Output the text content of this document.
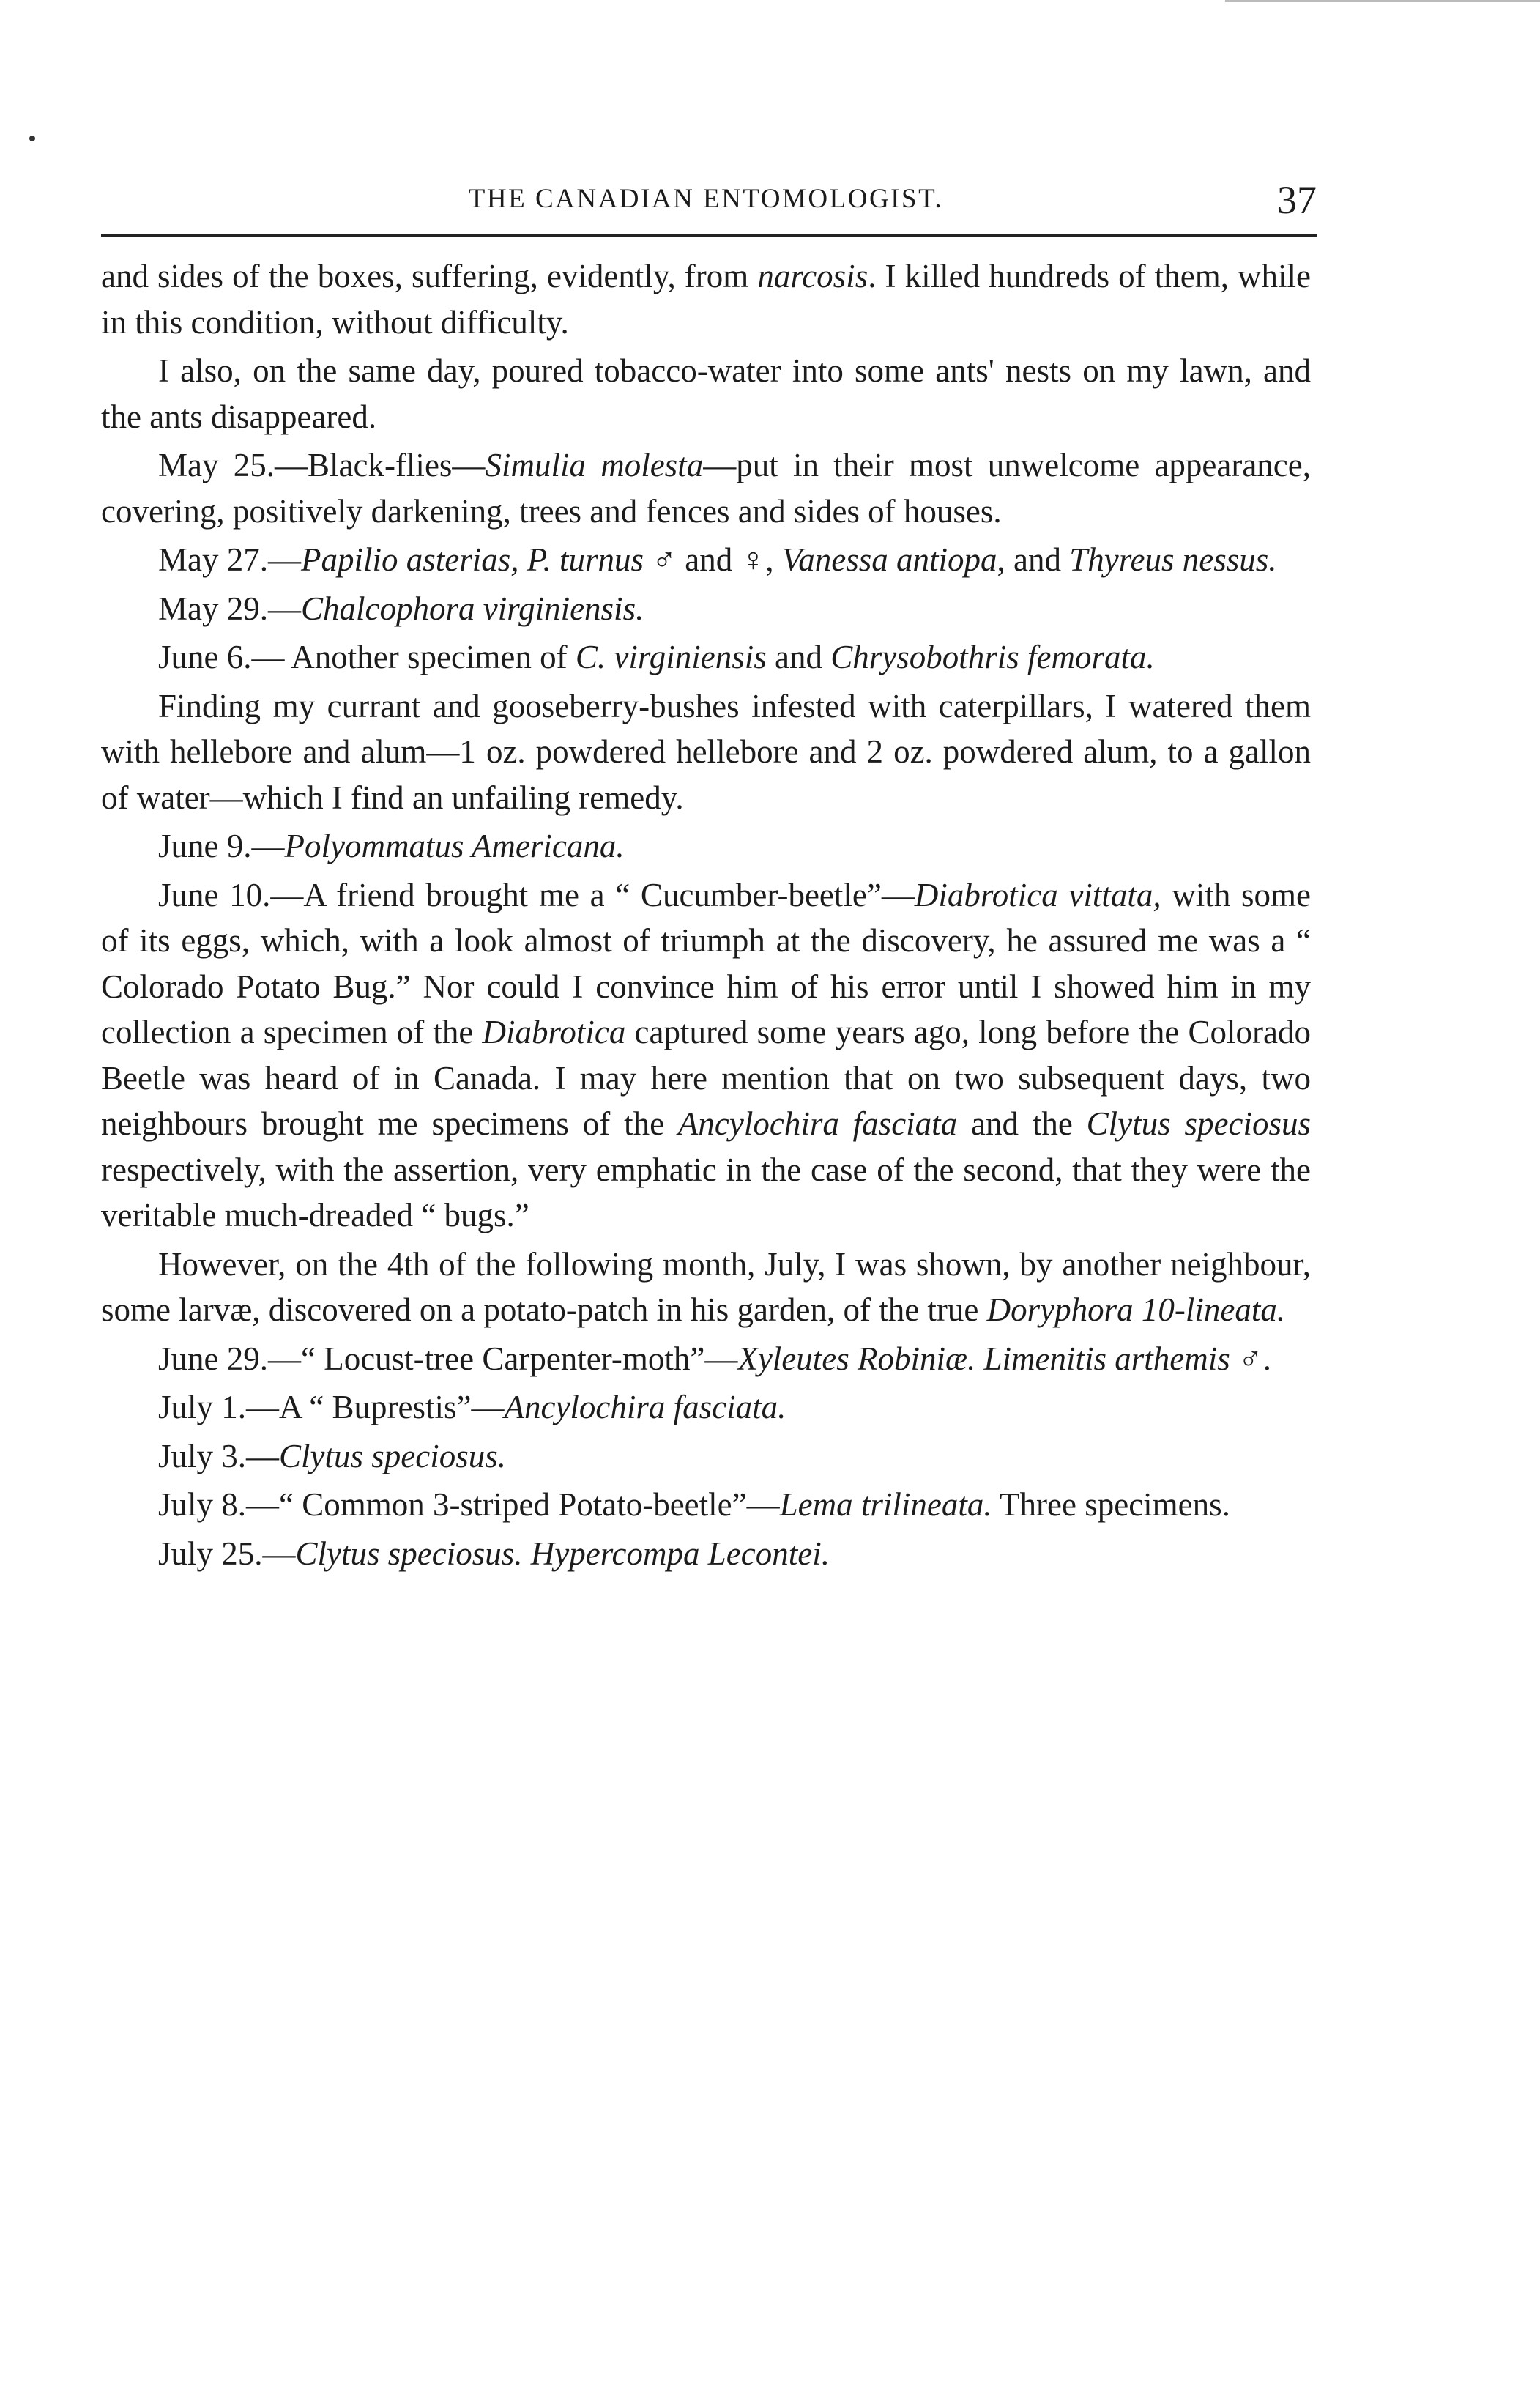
THE CANADIAN ENTOMOLOGIST.	37

and sides of the boxes, suffering, evidently, from narcosis. I killed hundreds of them, while in this condition, without difficulty.

I also, on the same day, poured tobacco-water into some ants' nests on my lawn, and the ants disappeared.

May 25.—Black-flies—Simulia molesta—put in their most unwelcome appearance, covering, positively darkening, trees and fences and sides of houses.

May 27.—Papilio asterias, P. turnus ♂ and ♀, Vanessa antiopa, and Thyreus nessus.

May 29.—Chalcophora virginiensis.

June 6.— Another specimen of C. virginiensis and Chrysobothris femorata.

Finding my currant and gooseberry-bushes infested with caterpillars, I watered them with hellebore and alum—1 oz. powdered hellebore and 2 oz. powdered alum, to a gallon of water—which I find an unfailing remedy.

June 9.—Polyommatus Americana.

June 10.—A friend brought me a “ Cucumber-beetle”—Diabrotica vittata, with some of its eggs, which, with a look almost of triumph at the discovery, he assured me was a “ Colorado Potato Bug.” Nor could I convince him of his error until I showed him in my collection a specimen of the Diabrotica captured some years ago, long before the Colorado Beetle was heard of in Canada. I may here mention that on two subsequent days, two neighbours brought me specimens of the Ancylochira fasciata and the Clytus speciosus respectively, with the assertion, very emphatic in the case of the second, that they were the veritable much-dreaded “ bugs.”

However, on the 4th of the following month, July, I was shown, by another neighbour, some larvæ, discovered on a potato-patch in his garden, of the true Doryphora 10-lineata.

June 29.—“ Locust-tree Carpenter-moth”—Xyleutes Robiniæ. Limenitis arthemis ♂.

July 1.—A “ Buprestis”—Ancylochira fasciata.

July 3.—Clytus speciosus.

July 8.—“ Common 3-striped Potato-beetle”—Lema trilineata. Three specimens.

July 25.—Clytus speciosus. Hypercompa Lecontei.
